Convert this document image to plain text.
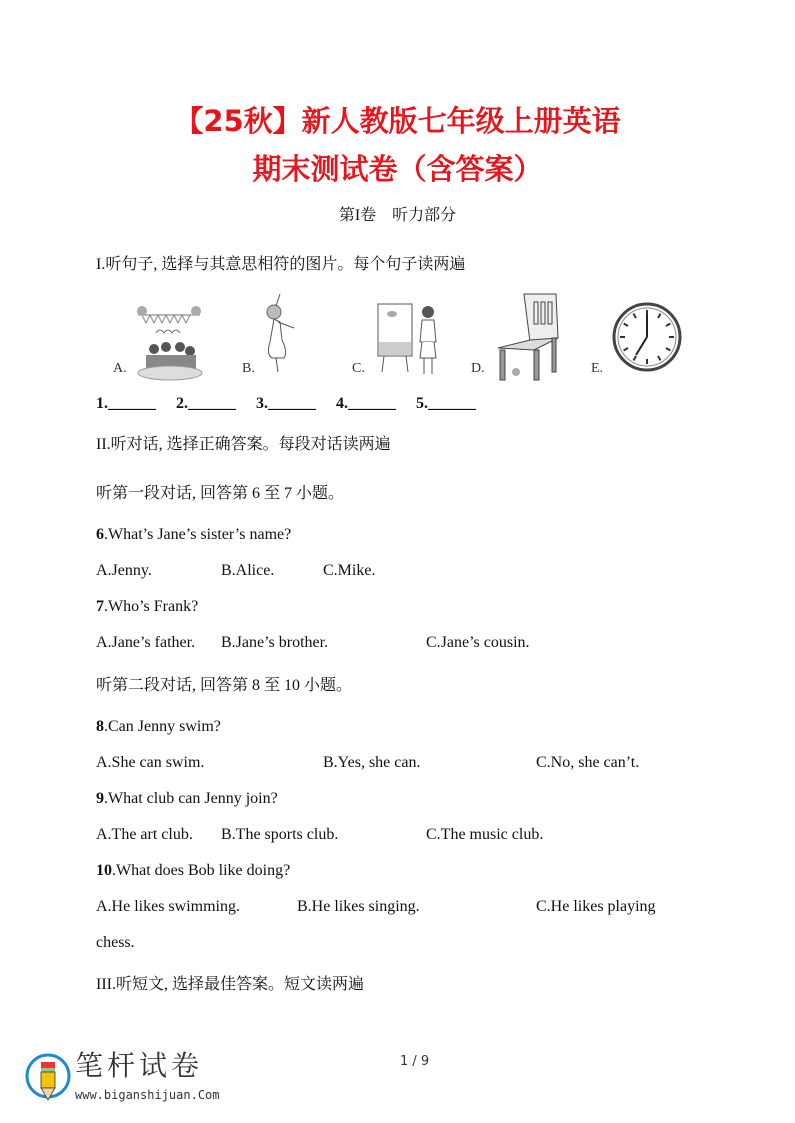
【25秋】新人教版七年级上册英语
期末测试卷（含答案）
第I卷　听力部分
I.听句子, 选择与其意思相符的图片。每个句子读两遍
A.	B.	C.	D.	E.
1.______ 2.______ 3.______ 4.______ 5.______
II.听对话, 选择正确答案。每段对话读两遍
听第一段对话, 回答第 6 至 7 小题。
6.What’s Jane’s sister’s name?
A.Jenny.	B.Alice.	C.Mike.
7.Who’s Frank?
A.Jane’s father. B.Jane’s brother.	C.Jane’s cousin.
听第二段对话, 回答第 8 至 10 小题。
8.Can Jenny swim?
A.She can swim.	B.Yes, she can.	C.No, she can’t.
9.What club can Jenny join?
A.The art club. B.The sports club.	C.The music club.
10.What does Bob like doing?
A.He likes swimming.	B.He likes singing.	C.He likes playing
chess.
III.听短文, 选择最佳答案。短文读两遍
1 / 9
笔杆试卷
www.biganshijuan.Com
